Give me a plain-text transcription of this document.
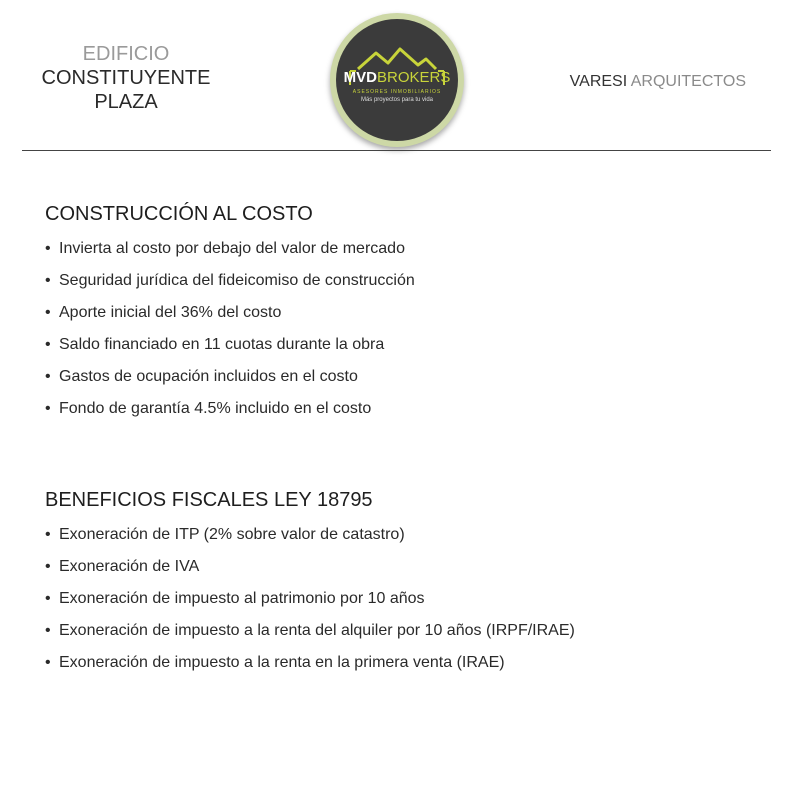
EDIFICIO
CONSTITUYENTE
PLAZA
MVDBROKERS
ASESORES INMOBILIARIOS
Más proyectos para tu vida
VARESI ARQUITECTOS
CONSTRUCCIÓN AL COSTO
• Invierta al costo por debajo del valor de mercado
• Seguridad jurídica del fideicomiso de construcción
• Aporte inicial del 36% del costo
• Saldo financiado en 11 cuotas durante la obra
• Gastos de ocupación incluidos en el costo
• Fondo de garantía 4.5% incluido en el costo
BENEFICIOS FISCALES LEY 18795
• Exoneración de ITP (2% sobre valor de catastro)
• Exoneración de IVA
• Exoneración de impuesto al patrimonio por 10 años
• Exoneración de impuesto a la renta del alquiler por 10 años (IRPF/IRAE)
• Exoneración de impuesto a la renta en la primera venta (IRAE)
